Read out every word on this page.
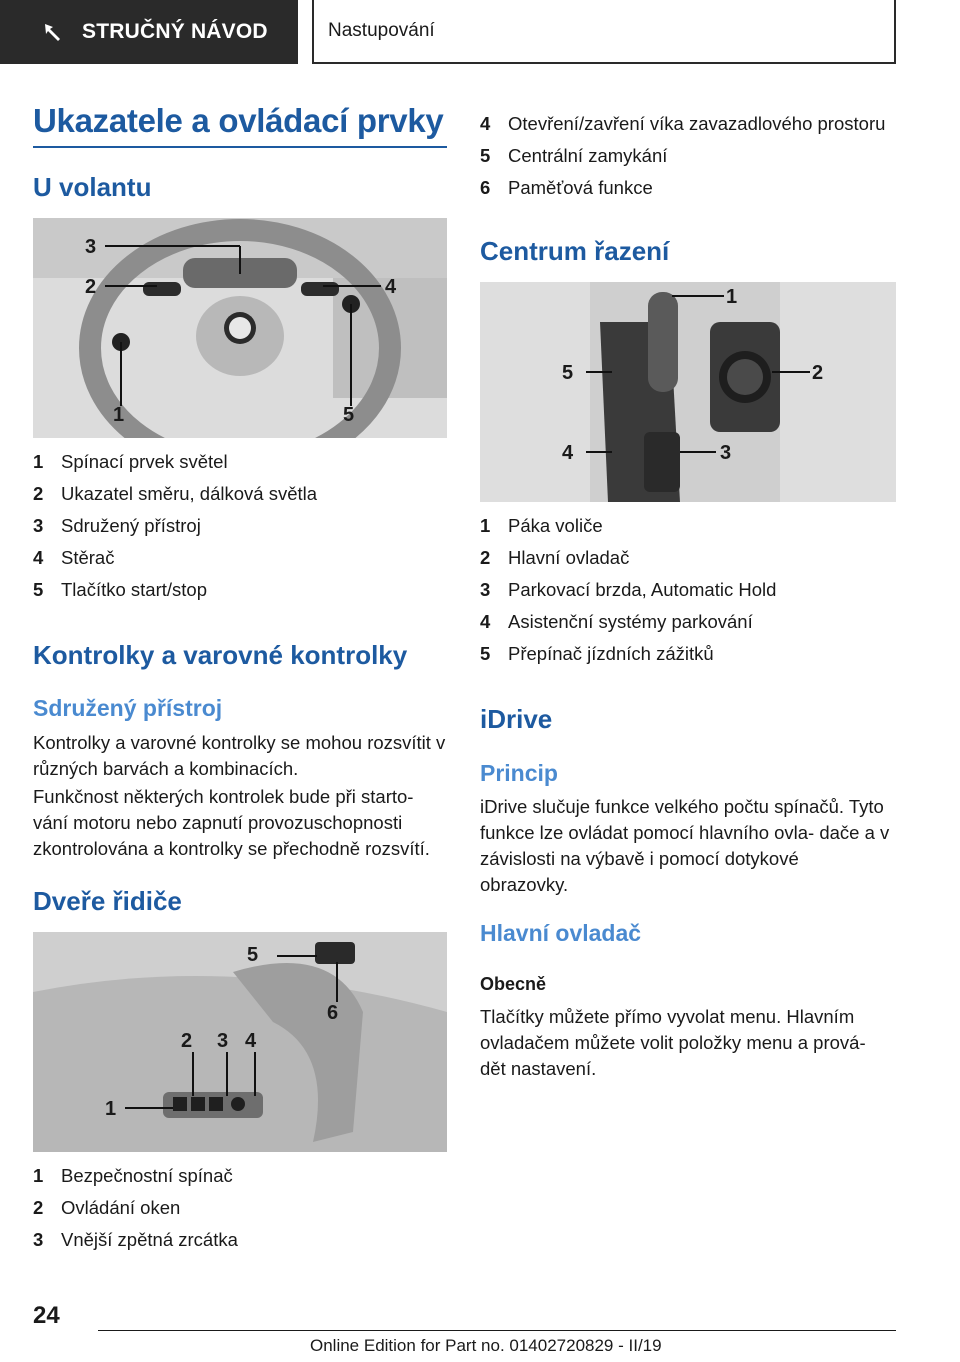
STRUČNÝ NÁVOD	Nastupování
Ukazatele a ovládací prvky
U volantu
3
2
1
4
5
1 Spínací prvek světel
2 Ukazatel směru, dálková světla
3 Sdružený přístroj
4 Stěrač
5 Tlačítko start/stop
Kontrolky a varovné kontrolky
Sdružený přístroj

Kontrolky a varovné kontrolky se mohou rozsvítit v různých barvách a kombinacích.

Funkčnost některých kontrolek bude při starto- vání motoru nebo zapnutí provozuschopnosti zkontrolována a kontrolky se přechodně rozsvítí.

Dveře řidiče
1
2 3 4
5
6
1 Bezpečnostní spínač
2 Ovládání oken
3 Vnější zpětná zrcátka
4 Otevření/zavření víka zavazadlového prostoru
5 Centrální zamykání
6 Paměťová funkce
Centrum řazení
1
2
3
4
5
1 Páka voliče
2 Hlavní ovladač
3 Parkovací brzda, Automatic Hold
4 Asistenční systémy parkování
5 Přepínač jízdních zážitků
iDrive
Princip

iDrive slučuje funkce velkého počtu spínačů. Tyto funkce lze ovládat pomocí hlavního ovla- dače a v závislosti na výbavě i pomocí dotykové obrazovky.

Hlavní ovladač
Obecně

Tlačítky můžete přímo vyvolat menu. Hlavním ovladačem můžete volit položky menu a prová- dět nastavení.

24
Online Edition for Part no. 01402720829 - II/19
